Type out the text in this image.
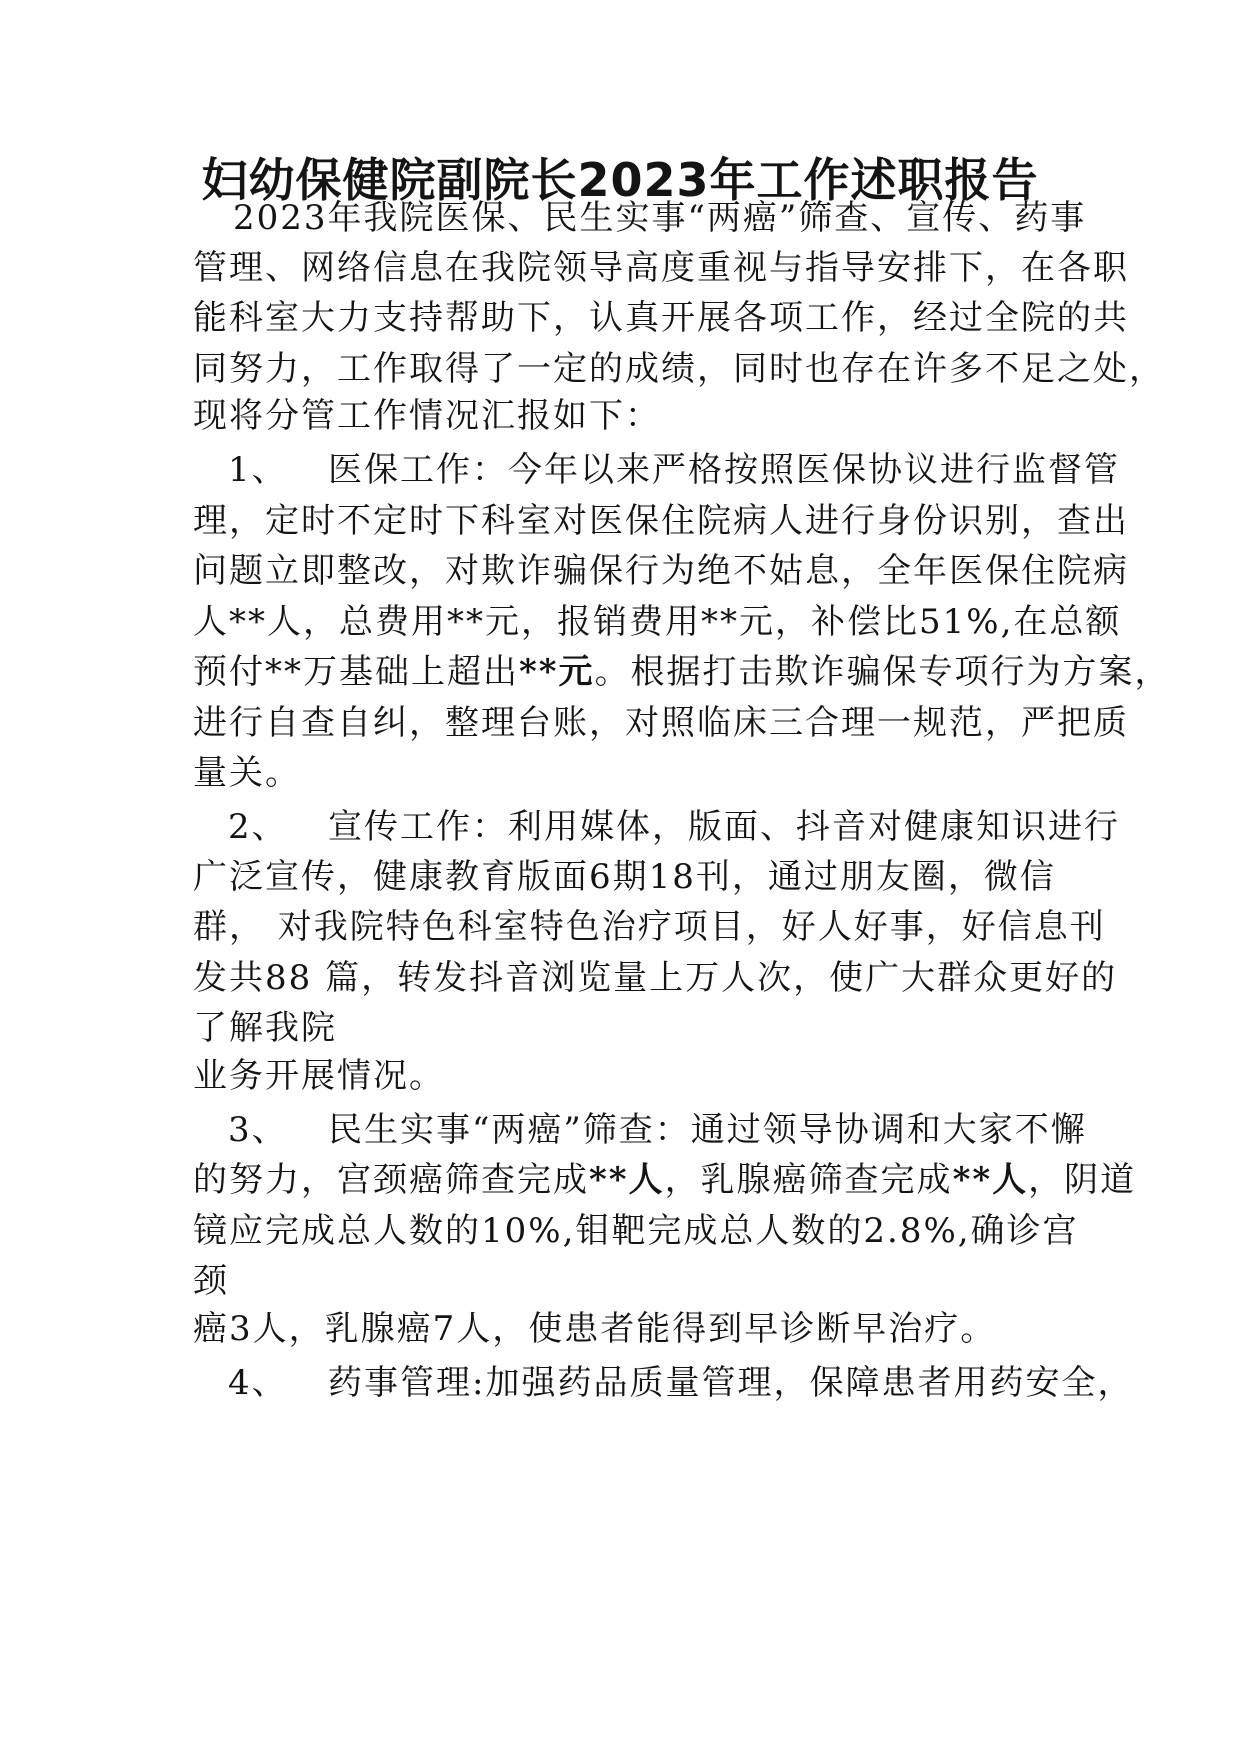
妇幼保健院副院长2023年工作述职报告
2023年我院医保、民生实事“两癌”筛查、宣传、药事
管理、网络信息在我院领导高度重视与指导安排下，在各职
能科室大力支持帮助下，认真开展各项工作，经过全院的共
同努力，工作取得了一定的成绩，同时也存在许多不足之处，
现将分管工作情况汇报如下：
1、 医保工作：今年以来严格按照医保协议进行监督管
理，定时不定时下科室对医保住院病人进行身份识别，查出
问题立即整改，对欺诈骗保行为绝不姑息，全年医保住院病
人**人，总费用**元，报销费用**元，补偿比51%,在总额
预付**万基础上超出**元。根据打击欺诈骗保专项行为方案，
进行自查自纠，整理台账，对照临床三合理一规范，严把质
量关。
2、 宣传工作：利用媒体，版面、抖音对健康知识进行
广泛宣传，健康教育版面6期18刊，通过朋友圈，微信
群， 对我院特色科室特色治疗项目，好人好事，好信息刊
发共88 篇，转发抖音浏览量上万人次，使广大群众更好的
了解我院
业务开展情况。
3、 民生实事“两癌”筛查：通过领导协调和大家不懈
的努力，宫颈癌筛查完成**人，乳腺癌筛查完成**人，阴道
镜应完成总人数的10%,钼靶完成总人数的2.8%,确诊宫
颈
癌3人，乳腺癌7人，使患者能得到早诊断早治疗。
4、 药事管理:加强药品质量管理，保障患者用药安全，
